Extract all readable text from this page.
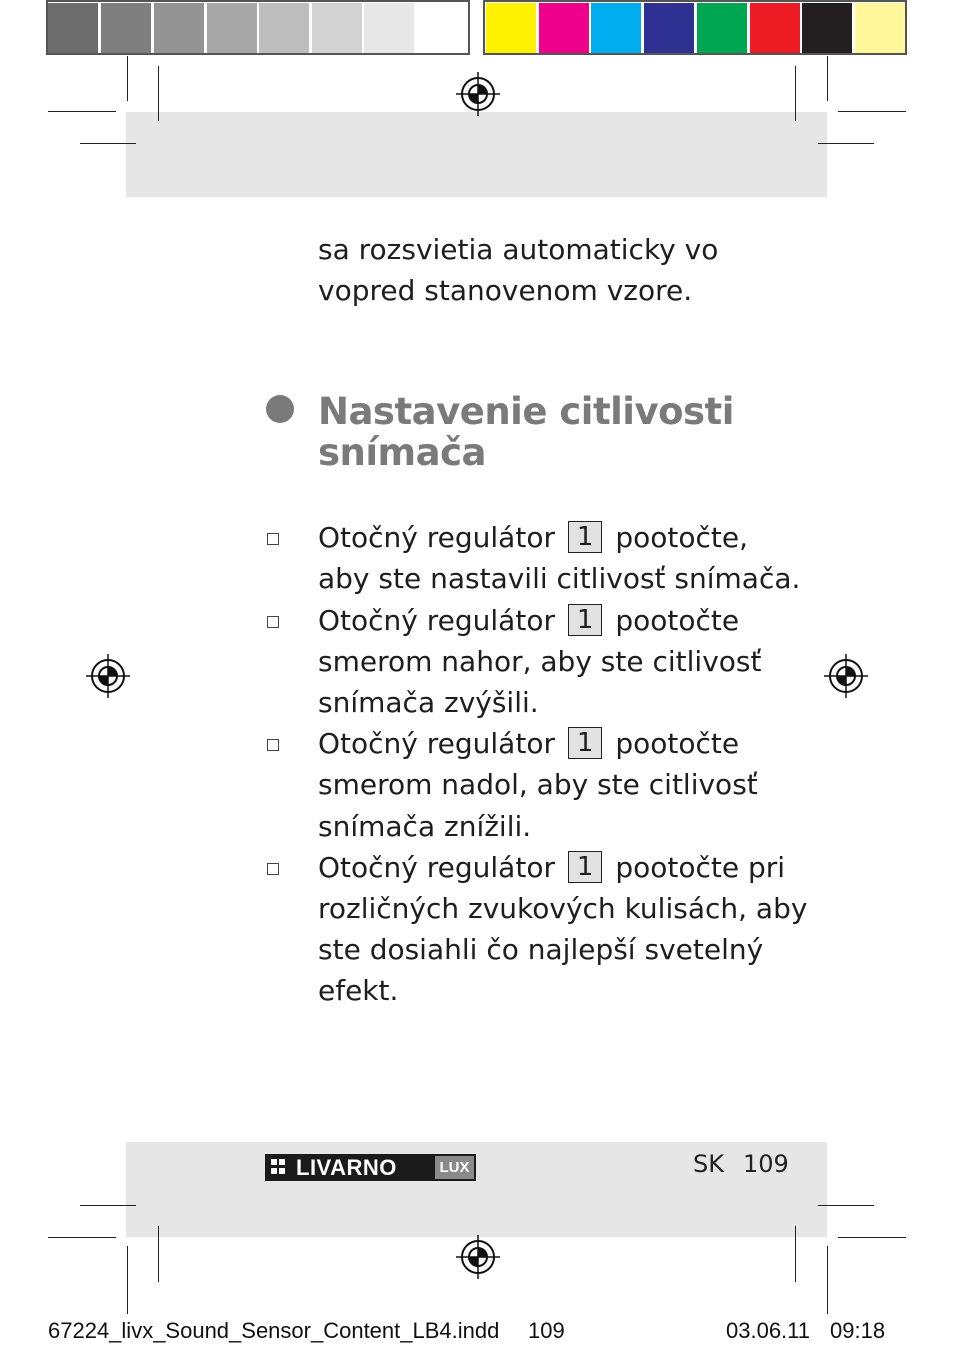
sa rozsvietia automaticky vo
vopred stanovenom vzore.
Nastavenie citlivosti
snímača
Otočný regulátor 1 pootočte,
aby ste nastavili citlivosť snímača.
Otočný regulátor 1 pootočte
smerom nahor, aby ste citlivosť
snímača zvýšili.
Otočný regulátor 1 pootočte
smerom nadol, aby ste citlivosť
snímača znížili.
Otočný regulátor 1 pootočte pri
rozličných zvukových kulisách, aby
ste dosiahli čo najlepší svetelný
efekt.
LIVARNO	LUX	SK 109
67224_livx_Sound_Sensor_Content_LB4.indd 109	03.06.11 09:18
